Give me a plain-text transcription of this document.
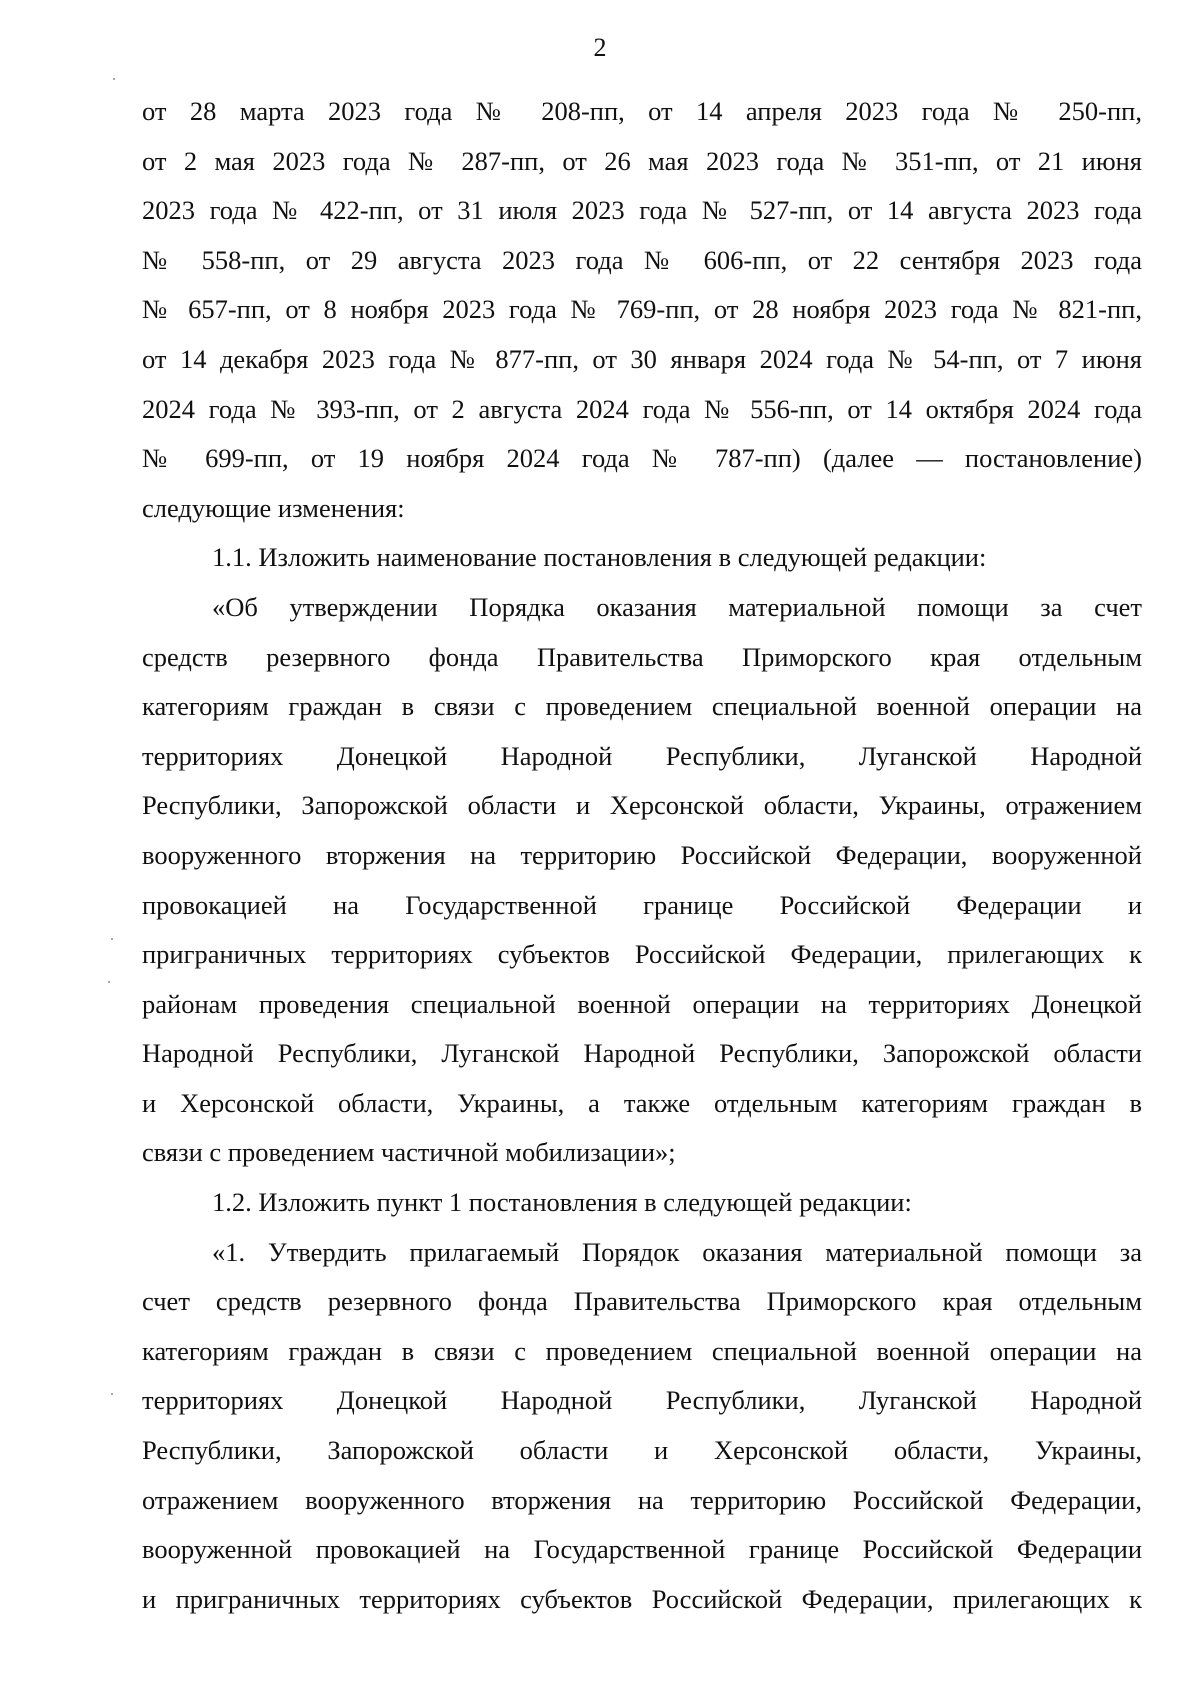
2
от 28 марта 2023 года № 208-пп, от 14 апреля 2023 года № 250-пп,
от 2 мая 2023 года № 287-пп, от 26 мая 2023 года № 351-пп, от 21 июня
2023 года № 422-пп, от 31 июля 2023 года № 527-пп, от 14 августа 2023 года
№ 558-пп, от 29 августа 2023 года № 606-пп, от 22 сентября 2023 года
№ 657-пп, от 8 ноября 2023 года № 769-пп, от 28 ноября 2023 года № 821-пп,
от 14 декабря 2023 года № 877-пп, от 30 января 2024 года № 54-пп, от 7 июня
2024 года № 393-пп, от 2 августа 2024 года № 556-пп, от 14 октября 2024 года
№ 699-пп, от 19 ноября 2024 года № 787-пп) (далее — постановление)
следующие изменения:
1.1. Изложить наименование постановления в следующей редакции:
«Об утверждении Порядка оказания материальной помощи за счет
средств резервного фонда Правительства Приморского края отдельным
категориям граждан в связи с проведением специальной военной операции на
территориях Донецкой Народной Республики, Луганской Народной
Республики, Запорожской области и Херсонской области, Украины, отражением
вооруженного вторжения на территорию Российской Федерации, вооруженной
провокацией на Государственной границе Российской Федерации и
приграничных территориях субъектов Российской Федерации, прилегающих к
районам проведения специальной военной операции на территориях Донецкой
Народной Республики, Луганской Народной Республики, Запорожской области
и Херсонской области, Украины, а также отдельным категориям граждан в
связи с проведением частичной мобилизации»;
1.2. Изложить пункт 1 постановления в следующей редакции:
«1. Утвердить прилагаемый Порядок оказания материальной помощи за
счет средств резервного фонда Правительства Приморского края отдельным
категориям граждан в связи с проведением специальной военной операции на
территориях Донецкой Народной Республики, Луганской Народной
Республики, Запорожской области и Херсонской области, Украины,
отражением вооруженного вторжения на территорию Российской Федерации,
вооруженной провокацией на Государственной границе Российской Федерации
и приграничных территориях субъектов Российской Федерации, прилегающих к
